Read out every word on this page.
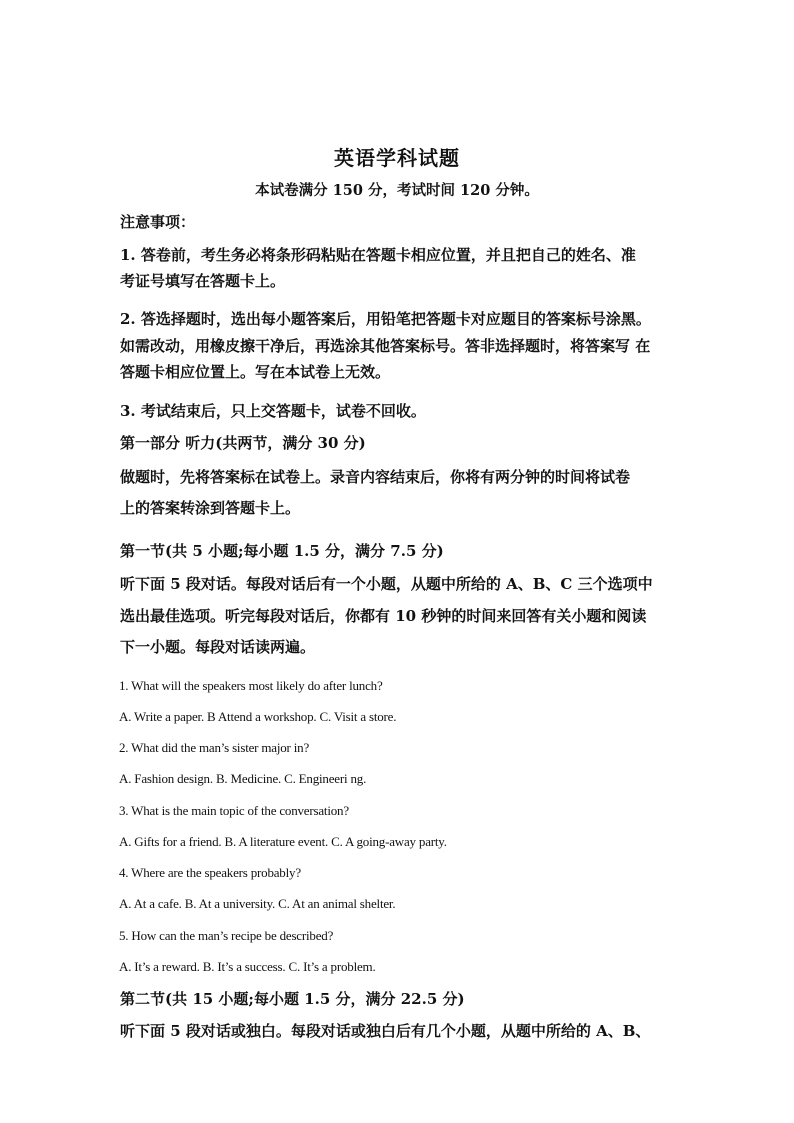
英语学科试题
本试卷满分 150 分，考试时间 120 分钟。
注意事项：
1. 答卷前，考生务必将条形码粘贴在答题卡相应位置，并且把自己的姓名、准
考证号填写在答题卡上。
2. 答选择题时，选出每小题答案后，用铅笔把答题卡对应题目的答案标号涂黑。
如需改动，用橡皮擦干净后，再选涂其他答案标号。答非选择题时，将答案写 在
答题卡相应位置上。写在本试卷上无效。
3. 考试结束后，只上交答题卡，试卷不回收。
第一部分 听力(共两节，满分 30 分)
做题时，先将答案标在试卷上。录音内容结束后，你将有两分钟的时间将试卷
上的答案转涂到答题卡上。
第一节(共 5 小题;每小题 1.5 分，满分 7.5 分)
听下面 5 段对话。每段对话后有一个小题，从题中所给的 A、B、C 三个选项中
选出最佳选项。听完每段对话后，你都有 10 秒钟的时间来回答有关小题和阅读
下一小题。每段对话读两遍。
1. What will the speakers most likely do after lunch?
A. Write a paper. B Attend a workshop. C. Visit a store.
2. What did the man’s sister major in?
A. Fashion design. B. Medicine. C. Engineeri ng.
3. What is the main topic of the conversation?
A. Gifts for a friend. B. A literature event. C. A going-away party.
4. Where are the speakers probably?
A. At a cafe. B. At a university. C. At an animal shelter.
5. How can the man’s recipe be described?
A. It’s a reward. B. It’s a success. C. It’s a problem.
第二节(共 15 小题;每小题 1.5 分，满分 22.5 分)
听下面 5 段对话或独白。每段对话或独白后有几个小题，从题中所给的 A、B、
